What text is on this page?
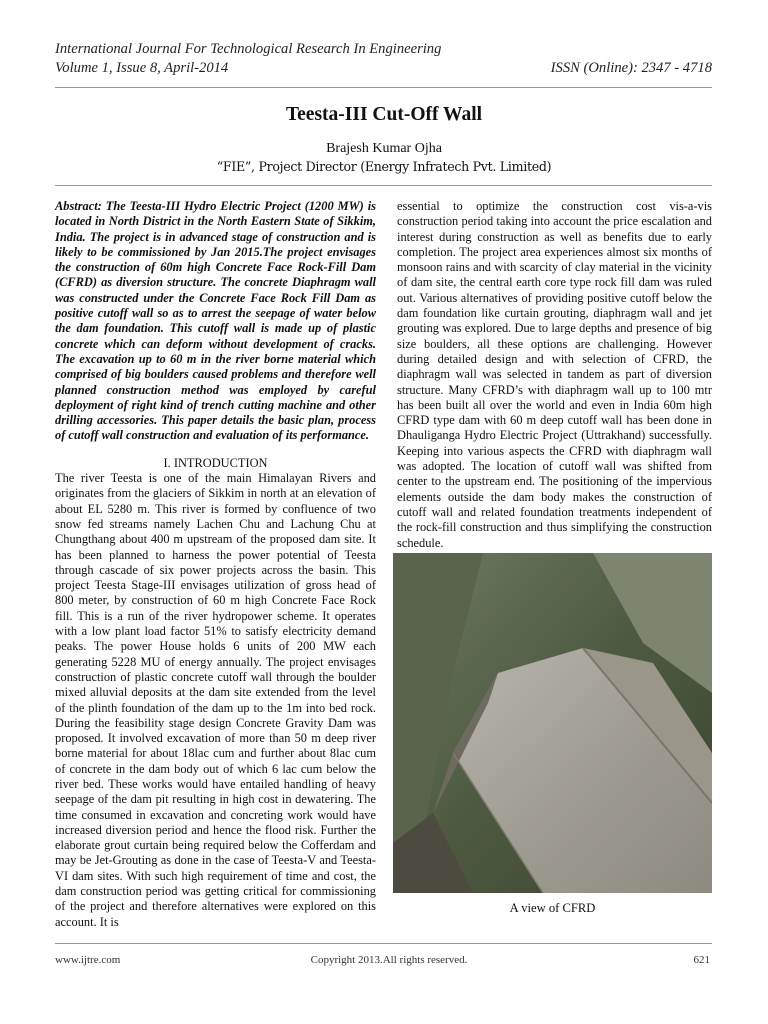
International Journal For Technological Research In Engineering
Volume 1, Issue 8, April-2014	ISSN (Online): 2347 - 4718
Teesta-III Cut-Off Wall
Brajesh Kumar Ojha
“FIE”, Project Director (Energy Infratech Pvt. Limited)

Abstract: The Teesta-III Hydro Electric Project (1200 MW) is located in North District in the North Eastern State of Sikkim, India. The project is in advanced stage of construction and is likely to be commissioned by Jan 2015.The project envisages the construction of 60m high Concrete Face Rock-Fill Dam (CFRD) as diversion structure. The concrete Diaphragm wall was constructed under the Concrete Face Rock Fill Dam as positive cutoff wall so as to arrest the seepage of water below the dam foundation. This cutoff wall is made up of plastic concrete which can deform without development of cracks. The excavation up to 60 m in the river borne material which comprised of big boulders caused problems and therefore well planned construction method was employed by careful deployment of right kind of trench cutting machine and other drilling accessories. This paper details the basic plan, process of cutoff wall construction and evaluation of its performance.

I. INTRODUCTION

The river Teesta is one of the main Himalayan Rivers and originates from the glaciers of Sikkim in north at an elevation of about EL 5280 m. This river is formed by confluence of two snow fed streams namely Lachen Chu and Lachung Chu at Chungthang about 400 m upstream of the proposed dam site. It has been planned to harness the power potential of Teesta through cascade of six power projects across the basin. This project Teesta Stage-III envisages utilization of gross head of 800 meter, by construction of 60 m high Concrete Face Rock fill. This is a run of the river hydropower scheme. It operates with a low plant load factor 51% to satisfy electricity demand peaks. The power House holds 6 units of 200 MW each generating 5228 MU of energy annually. The project envisages construction of plastic concrete cutoff wall through the boulder mixed alluvial deposits at the dam site extended from the level of the plinth foundation of the dam up to the 1m into bed rock. During the feasibility stage design Concrete Gravity Dam was proposed. It involved excavation of more than 50 m deep river borne material for about 18lac cum and further about 8lac cum of concrete in the dam body out of which 6 lac cum below the river bed. These works would have entailed handling of heavy seepage of the dam pit resulting in high cost in dewatering. The time consumed in excavation and concreting work would have increased diversion period and hence the flood risk. Further the elaborate grout curtain being required below the Cofferdam and may be Jet-Grouting as done in the case of Teesta-V and Teesta-VI dam sites. With such high requirement of time and cost, the dam construction period was getting critical for commissioning of the project and therefore alternatives were explored on this account. It is

essential to optimize the construction cost vis-a-vis construction period taking into account the price escalation and interest during construction as well as benefits due to early completion. The project area experiences almost six months of monsoon rains and with scarcity of clay material in the vicinity of dam site, the central earth core type rock fill dam was ruled out. Various alternatives of providing positive cutoff below the dam foundation like curtain grouting, diaphragm wall and jet grouting was explored. Due to large depths and presence of big size boulders, all these options are challenging. However during detailed design and with selection of CFRD, the diaphragm wall was selected in tandem as part of diversion structure. Many CFRD’s with diaphragm wall up to 100 mtr has been built all over the world and even in India 60m high CFRD type dam with 60 m deep cutoff wall has been done in Dhauliganga Hydro Electric Project (Uttrakhand) successfully. Keeping into various aspects the CFRD with diaphragm wall was adopted. The location of cutoff wall was shifted from center to the upstream end. The positioning of the impervious elements outside the dam body makes the construction of cutoff wall and related foundation treatments independent of the rock-fill construction and thus simplifying the construction schedule.

A view of CFRD
www.ijtre.com	Copyright 2013.All rights reserved.	621
